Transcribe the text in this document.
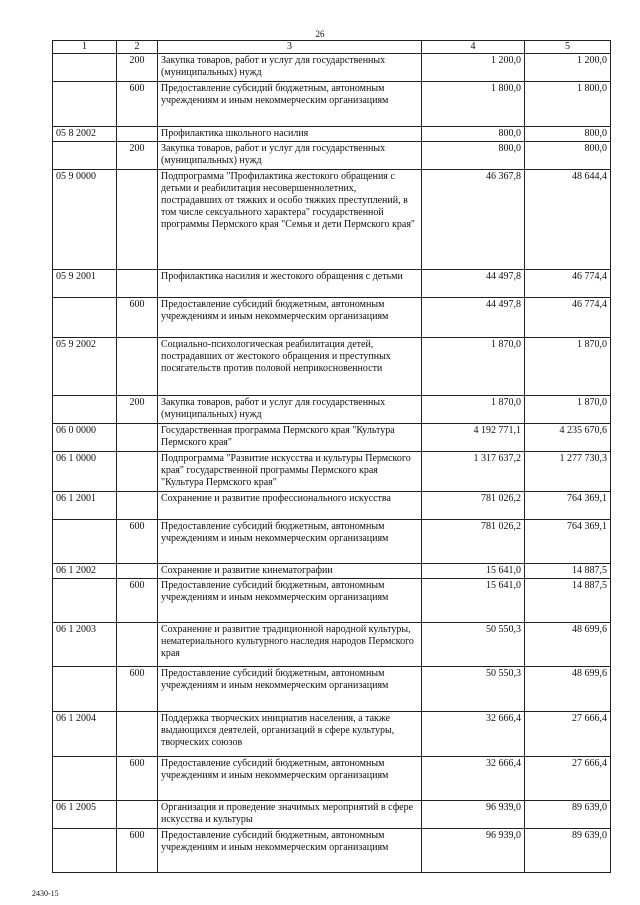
26
1	2	3	4	5
	200	Закупка товаров, работ и услуг для государственных (муниципальных) нужд	1 200,0	1 200,0
	600	Предоставление субсидий бюджетным, автономным учреждениям и иным некоммерческим организациям	1 800,0	1 800,0
05 8 2002		Профилактика школьного насилия	800,0	800,0
	200	Закупка товаров, работ и услуг для государственных (муниципальных) нужд	800,0	800,0
05 9 0000		Подпрограмма "Профилактика жестокого обращения с детьми и реабилитация несовершеннолетних, пострадавших от тяжких и особо тяжких преступлений, в том числе сексуального характера" государственной программы Пермского края "Семья и дети Пермского края"	46 367,8	48 644,4
05 9 2001		Профилактика насилия и жестокого обращения с детьми	44 497,8	46 774,4
	600	Предоставление субсидий бюджетным, автономным учреждениям и иным некоммерческим организациям	44 497,8	46 774,4
05 9 2002		Социально-психологическая реабилитация детей, пострадавших от жестокого обращения и преступных посягательств против половой неприкосновенности	1 870,0	1 870,0
	200	Закупка товаров, работ и услуг для государственных (муниципальных) нужд	1 870,0	1 870,0
06 0 0000		Государственная программа Пермского края "Культура Пермского края"	4 192 771,1	4 235 670,6
06 1 0000		Подпрограмма "Развитие искусства и культуры Пермского края" государственной программы Пермского края "Культура Пермского края"	1 317 637,2	1 277 730,3
06 1 2001		Сохранение и развитие профессионального искусства	781 026,2	764 369,1
	600	Предоставление субсидий бюджетным, автономным учреждениям и иным некоммерческим организациям	781 026,2	764 369,1
06 1 2002		Сохранение и развитие кинематографии	15 641,0	14 887,5
	600	Предоставление субсидий бюджетным, автономным учреждениям и иным некоммерческим организациям	15 641,0	14 887,5
06 1 2003		Сохранение и развитие традиционной народной культуры, нематериального культурного наследия народов Пермского края	50 550,3	48 699,6
	600	Предоставление субсидий бюджетным, автономным учреждениям и иным некоммерческим организациям	50 550,3	48 699,6
06 1 2004		Поддержка творческих инициатив населения, а также выдающихся деятелей, организаций в сфере культуры, творческих союзов	32 666,4	27 666,4
	600	Предоставление субсидий бюджетным, автономным учреждениям и иным некоммерческим организациям	32 666,4	27 666,4
06 1 2005		Организация и проведение значимых мероприятий в сфере искусства и культуры	96 939,0	89 639,0
	600	Предоставление субсидий бюджетным, автономным учреждениям и иным некоммерческим организациям	96 939,0	89 639,0
2430-15
